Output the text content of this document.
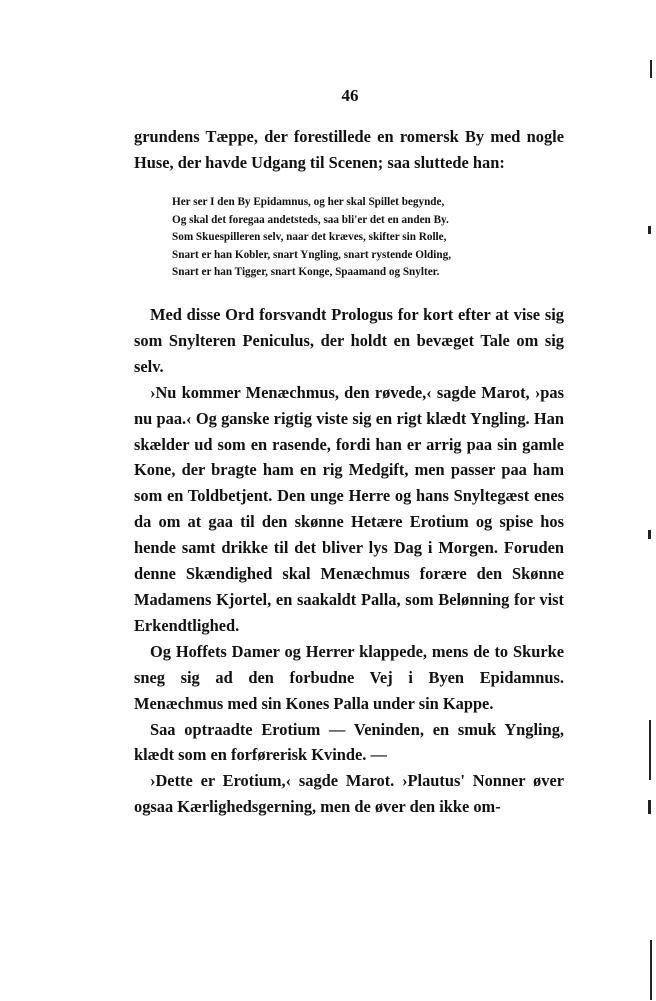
46

grundens Tæppe, der forestillede en romersk By med nogle Huse, der havde Udgang til Scenen; saa sluttede han:

Her ser I den By Epidamnus, og her skal Spillet begynde,
Og skal det foregaa andetsteds, saa bli'er det en anden By.
Som Skuespilleren selv, naar det kræves, skifter sin Rolle,
Snart er han Kobler, snart Yngling, snart rystende Olding,
Snart er han Tigger, snart Konge, Spaamand og Snylter.

Med disse Ord forsvandt Prologus for kort efter at vise sig som Snylteren Peniculus, der holdt en bevæget Tale om sig selv.

›Nu kommer Menæchmus, den røvede,‹ sagde Marot, ›pas nu paa.‹ Og ganske rigtig viste sig en rigt klædt Yngling. Han skælder ud som en rasende, fordi han er arrig paa sin gamle Kone, der bragte ham en rig Medgift, men passer paa ham som en Toldbetjent. Den unge Herre og hans Snyltegæst enes da om at gaa til den skønne Hetære Erotium og spise hos hende samt drikke til det bliver lys Dag i Morgen. Foruden denne Skændighed skal Menæchmus forære den Skønne Madamens Kjortel, en saakaldt Palla, som Belønning for vist Erkendtlighed.

Og Hoffets Damer og Herrer klappede, mens de to Skurke sneg sig ad den forbudne Vej i Byen Epidamnus. Menæchmus med sin Kones Palla under sin Kappe.

Saa optraadte Erotium — Veninden, en smuk Yngling, klædt som en forførerisk Kvinde. —

›Dette er Erotium,‹ sagde Marot. ›Plautus' Nonner øver ogsaa Kærlighedsgerning, men de øver den ikke om-
